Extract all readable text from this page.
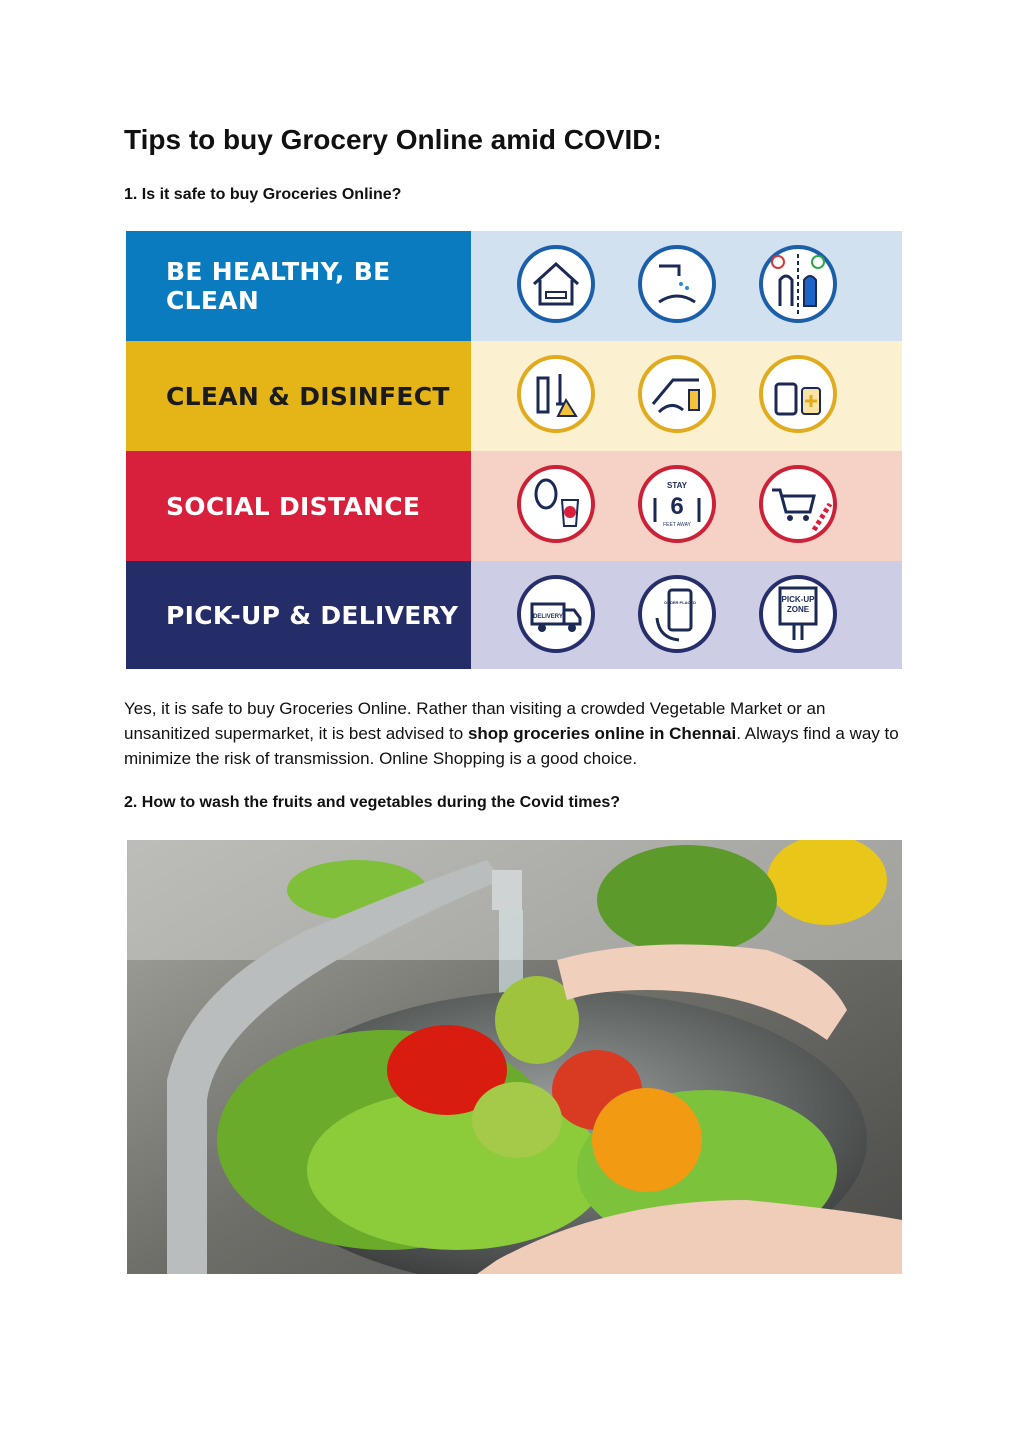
Tips to buy Grocery Online amid COVID:

1. Is it safe to buy Groceries Online?

BE HEALTHY, BE CLEAN
CLEAN & DISINFECT
SOCIAL DISTANCE
STAY
6
FEET AWAY
PICK-UP & DELIVERY	DELIVERY
ORDER PLACED	PICK-UP
ZONE

Yes, it is safe to buy Groceries Online. Rather than visiting a crowded Vegetable Market or an unsanitized supermarket, it is best advised to shop groceries online in Chennai. Always find a way to minimize the risk of transmission. Online Shopping is a good choice.

2. How to wash the fruits and vegetables during the Covid times?
